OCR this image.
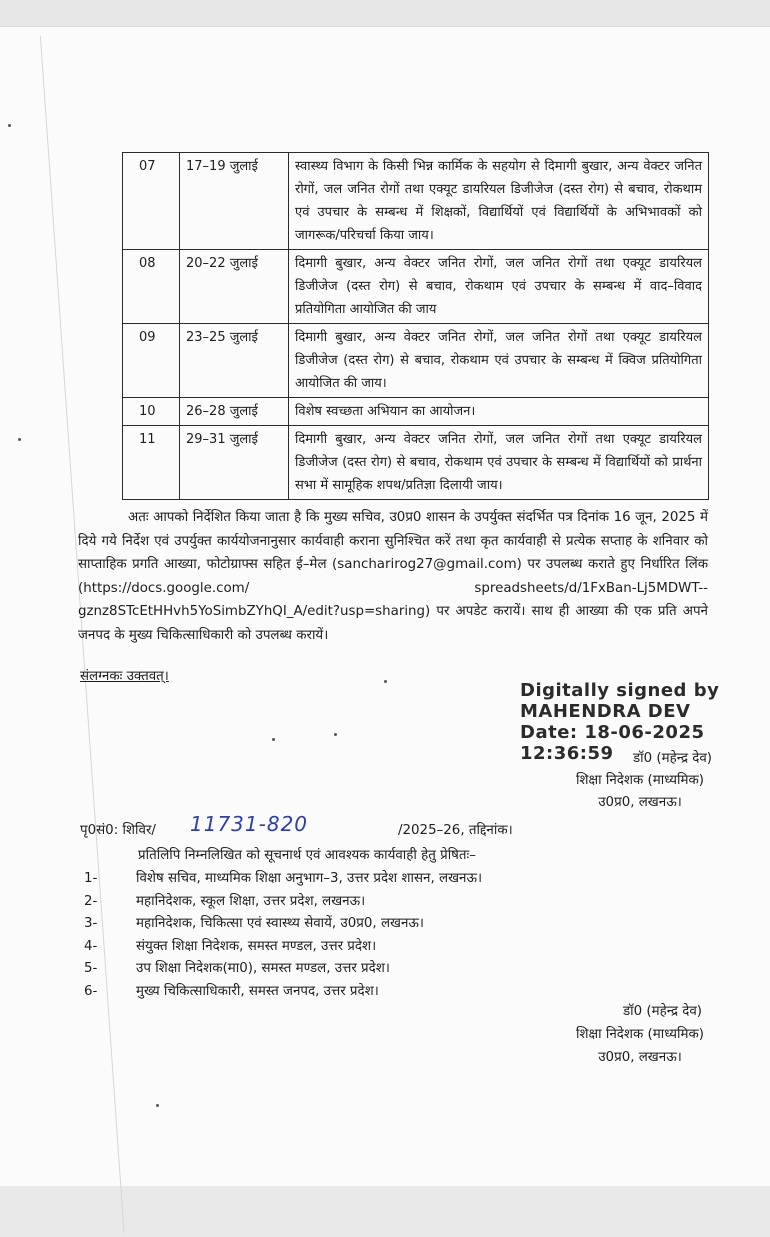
07	17–19 जुलाई	स्वास्थ्य विभाग के किसी भिन्न कार्मिक के सहयोग से दिमागी बुखार, अन्य वेक्टर जनित रोगों, जल जनित रोगों तथा एक्यूट डायरियल डिजीजेज (दस्त रोग) से बचाव, रोकथाम एवं उपचार के सम्बन्ध में शिक्षकों, विद्यार्थियों एवं विद्यार्थियों के अभिभावकों को जागरूक/परिचर्चा किया जाय।
08	20–22 जुलाई	दिमागी बुखार, अन्य वेक्टर जनित रोगों, जल जनित रोगों तथा एक्यूट डायरियल डिजीजेज (दस्त रोग) से बचाव, रोकथाम एवं उपचार के सम्बन्ध में वाद–विवाद प्रतियोगिता आयोजित की जाय
09	23–25 जुलाई	दिमागी बुखार, अन्य वेक्टर जनित रोगों, जल जनित रोगों तथा एक्यूट डायरियल डिजीजेज (दस्त रोग) से बचाव, रोकथाम एवं उपचार के सम्बन्ध में क्विज प्रतियोगिता आयोजित की जाय।
10	26–28 जुलाई	विशेष स्वच्छता अभियान का आयोजन।
11	29–31 जुलाई	दिमागी बुखार, अन्य वेक्टर जनित रोगों, जल जनित रोगों तथा एक्यूट डायरियल डिजीजेज (दस्त रोग) से बचाव, रोकथाम एवं उपचार के सम्बन्ध में विद्यार्थियों को प्रार्थना सभा में सामूहिक शपथ/प्रतिज्ञा दिलायी जाय।
अतः आपको निर्देशित किया जाता है कि मुख्य सचिव, उ0प्र0 शासन के उपर्युक्त संदर्भित पत्र दिनांक 16 जून, 2025 में दिये गये निर्देश एवं उपर्युक्त कार्ययोजनानुसार कार्यवाही कराना सुनिश्चित करें तथा कृत कार्यवाही से प्रत्येक सप्ताह के शनिवार को साप्ताहिक प्रगति आख्या, फोटोग्राफ्स सहित ई–मेल (sancharirog27@gmail.com) पर उपलब्ध कराते हुए निर्धारित लिंक (https://docs.google.com/ spreadsheets/d/1FxBan-Lj5MDWT--gznz8STcEtHHvh5YoSimbZYhQI_A/edit?usp=sharing) पर अपडेट करायें। साथ ही आख्या की एक प्रति अपने जनपद के मुख्य चिकित्साधिकारी को उपलब्ध करायें।
संलग्नकः उक्तवत्।
Digitally signed by
MAHENDRA DEV
Date: 18-06-2025
12:36:59	डॉ0 (महेन्द्र देव)
शिक्षा निदेशक (माध्यमिक)
उ0प्र0, लखनऊ।
पृ0सं0: शिविर/ 11731-820	/2025–26, तद्दिनांक।
प्रतिलिपि निम्नलिखित को सूचनार्थ एवं आवश्यक कार्यवाही हेतु प्रेषितः–
1-	विशेष सचिव, माध्यमिक शिक्षा अनुभाग–3, उत्तर प्रदेश शासन, लखनऊ।
2-	महानिदेशक, स्कूल शिक्षा, उत्तर प्रदेश, लखनऊ।
3-	महानिदेशक, चिकित्सा एवं स्वास्थ्य सेवायें, उ0प्र0, लखनऊ।
4-	संयुक्त शिक्षा निदेशक, समस्त मण्डल, उत्तर प्रदेश।
5-	उप शिक्षा निदेशक(मा0), समस्त मण्डल, उत्तर प्रदेश।
6-	मुख्य चिकित्साधिकारी, समस्त जनपद, उत्तर प्रदेश।
डॉ0 (महेन्द्र देव)
शिक्षा निदेशक (माध्यमिक)
उ0प्र0, लखनऊ।
